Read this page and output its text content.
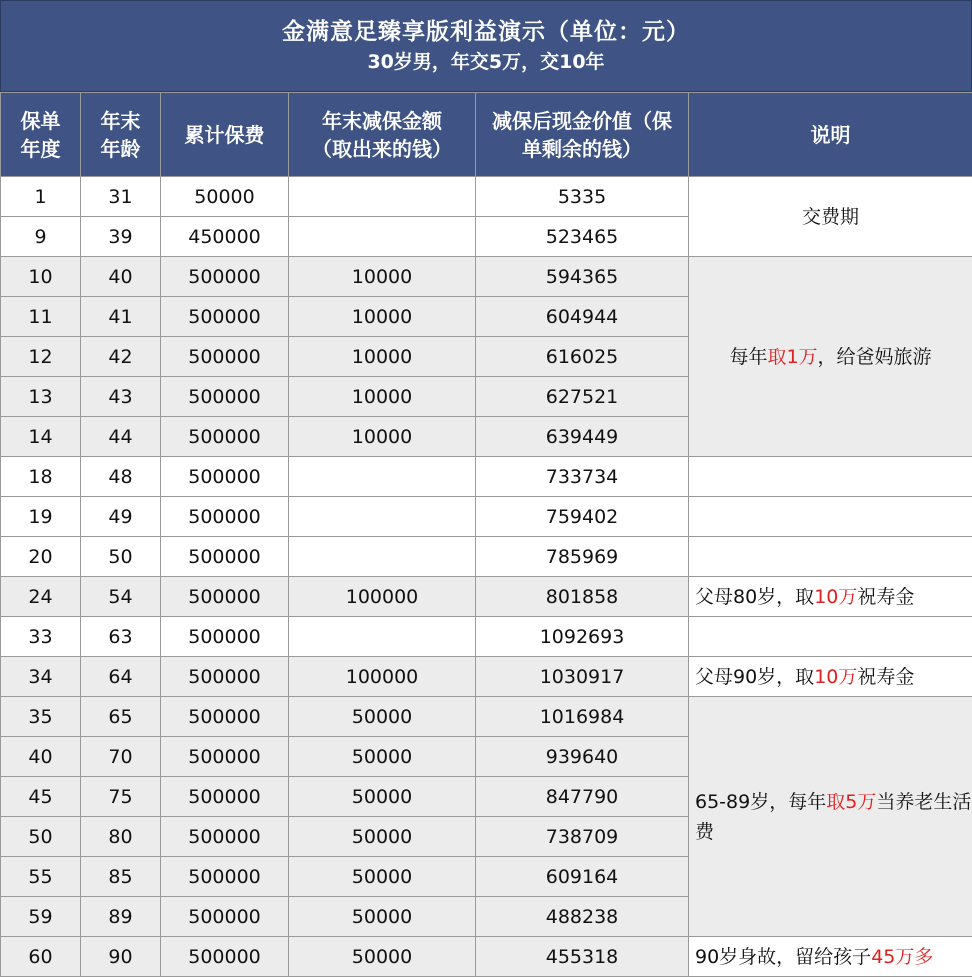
金满意足臻享版利益演示（单位：元）
30岁男，年交5万，交10年
保单年度	年末年龄	累计保费	年末减保金额（取出来的钱）	减保后现金价值（保单剩余的钱）	说明
1	31	50000		5335	交费期
9	39	450000		523465	
10	40	500000	10000	594365	每年取1万，给爸妈旅游
11	41	500000	10000	604944	
12	42	500000	10000	616025	
13	43	500000	10000	627521	
14	44	500000	10000	639449	
18	48	500000		733734	
19	49	500000		759402	
20	50	500000		785969	
24	54	500000	100000	801858	父母80岁，取10万祝寿金
33	63	500000		1092693	
34	64	500000	100000	1030917	父母90岁，取10万祝寿金
35	65	500000	50000	1016984	65-89岁，每年取5万当养老生活费
40	70	500000	50000	939640	
45	75	500000	50000	847790	
50	80	500000	50000	738709	
55	85	500000	50000	609164	
59	89	500000	50000	488238	
60	90	500000	50000	455318	90岁身故，留给孩子45万多
